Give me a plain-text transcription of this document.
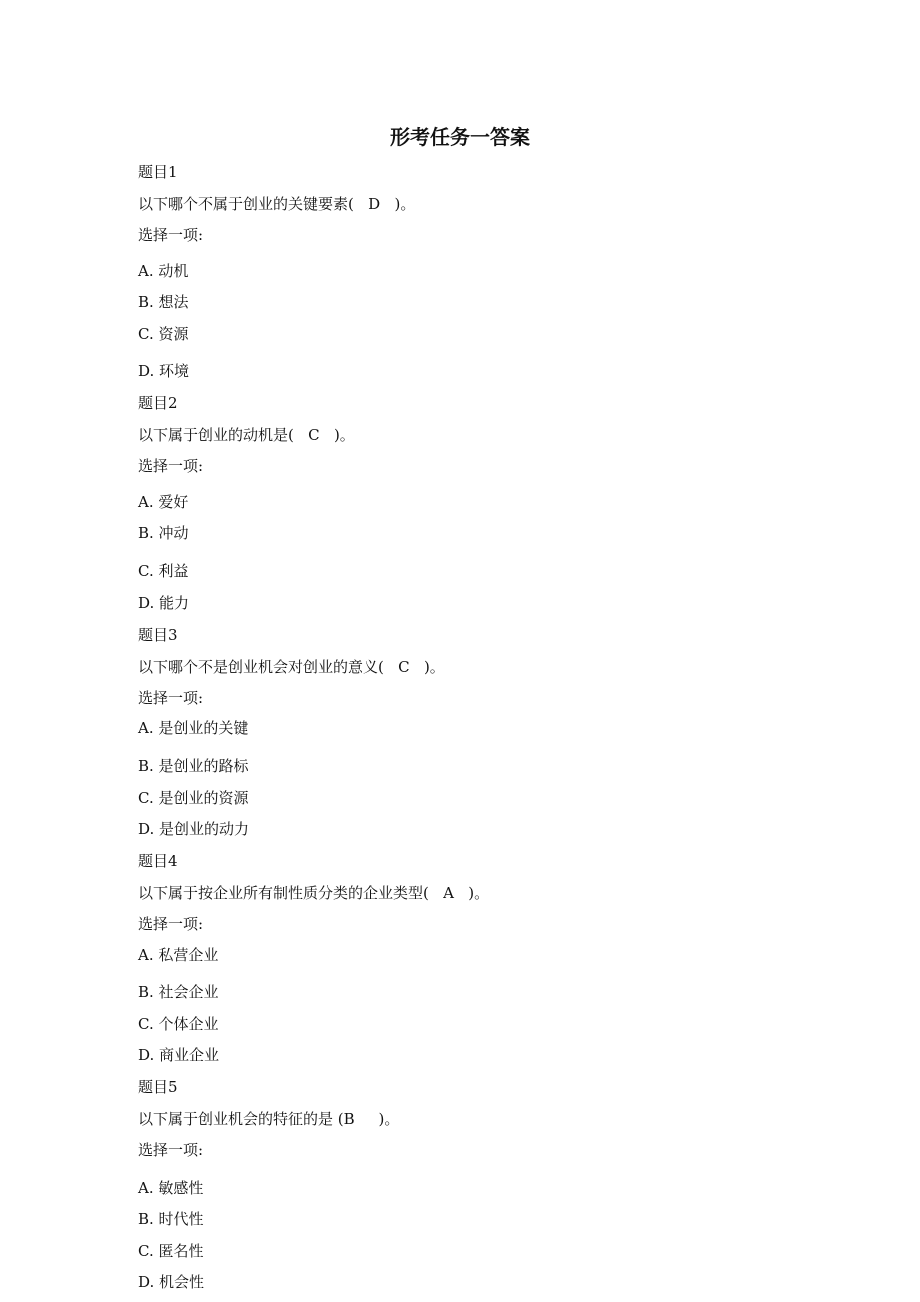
形考任务一答案
题目1
以下哪个不属于创业的关键要素(   D   )。
选择一项:
A. 动机
B. 想法
C. 资源
D. 环境
题目2
以下属于创业的动机是(   C   )。
选择一项:
A. 爱好
B. 冲动
C. 利益
D. 能力
题目3
以下哪个不是创业机会对创业的意义(   C   )。
选择一项:
A. 是创业的关键
B. 是创业的路标
C. 是创业的资源
D. 是创业的动力
题目4
以下属于按企业所有制性质分类的企业类型(   A   )。
选择一项:
A. 私营企业
B. 社会企业
C. 个体企业
D. 商业企业
题目5
以下属于创业机会的特征的是 (B     )。
选择一项:
A. 敏感性
B. 时代性
C. 匿名性
D. 机会性
